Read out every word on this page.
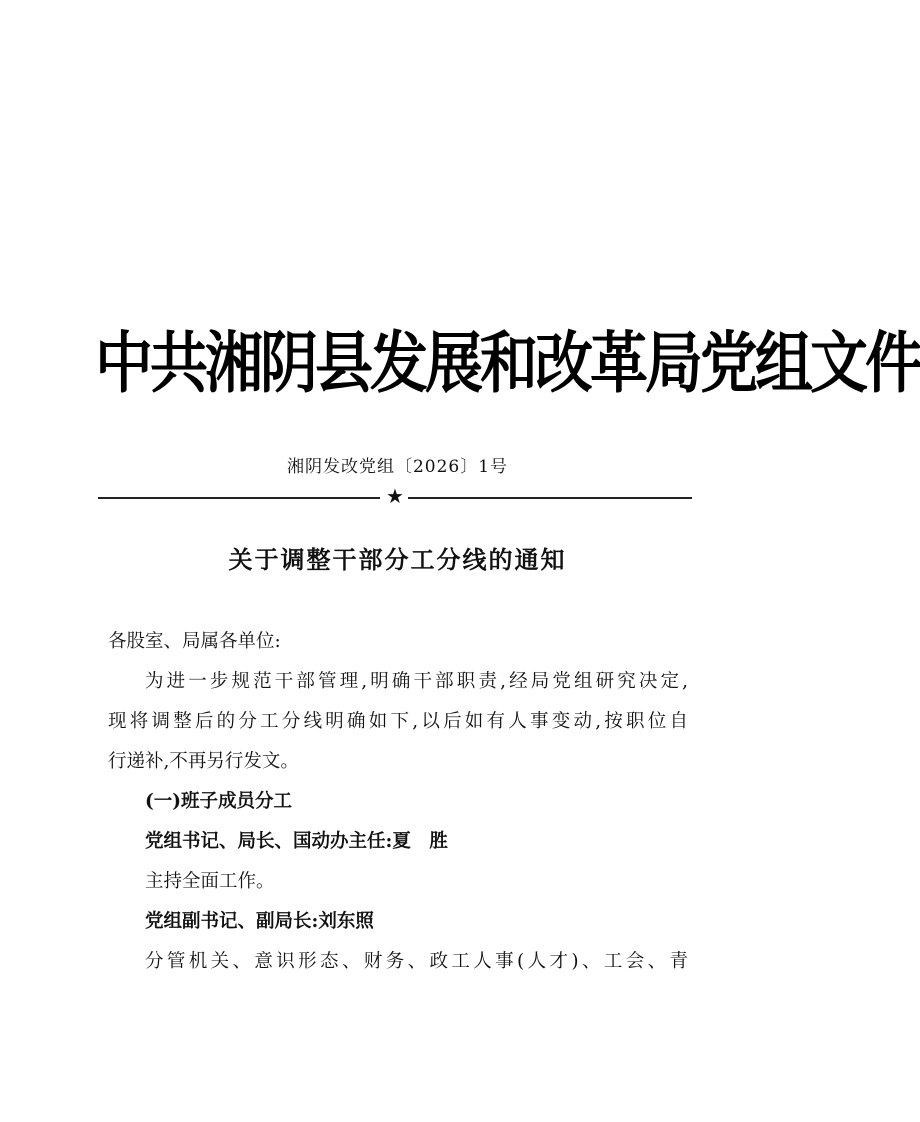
中共湘阴县发展和改革局党组文件
湘阴发改党组〔2026〕1号
★
关于调整干部分工分线的通知
各股室、局属各单位:
为进一步规范干部管理,明确干部职责,经局党组研究决定,
现将调整后的分工分线明确如下,以后如有人事变动,按职位自
行递补,不再另行发文。
(一)班子成员分工
党组书记、局长、国动办主任:夏　胜
主持全面工作。
党组副书记、副局长:刘东照
分管机关、意识形态、财务、政工人事(人才)、工会、青
